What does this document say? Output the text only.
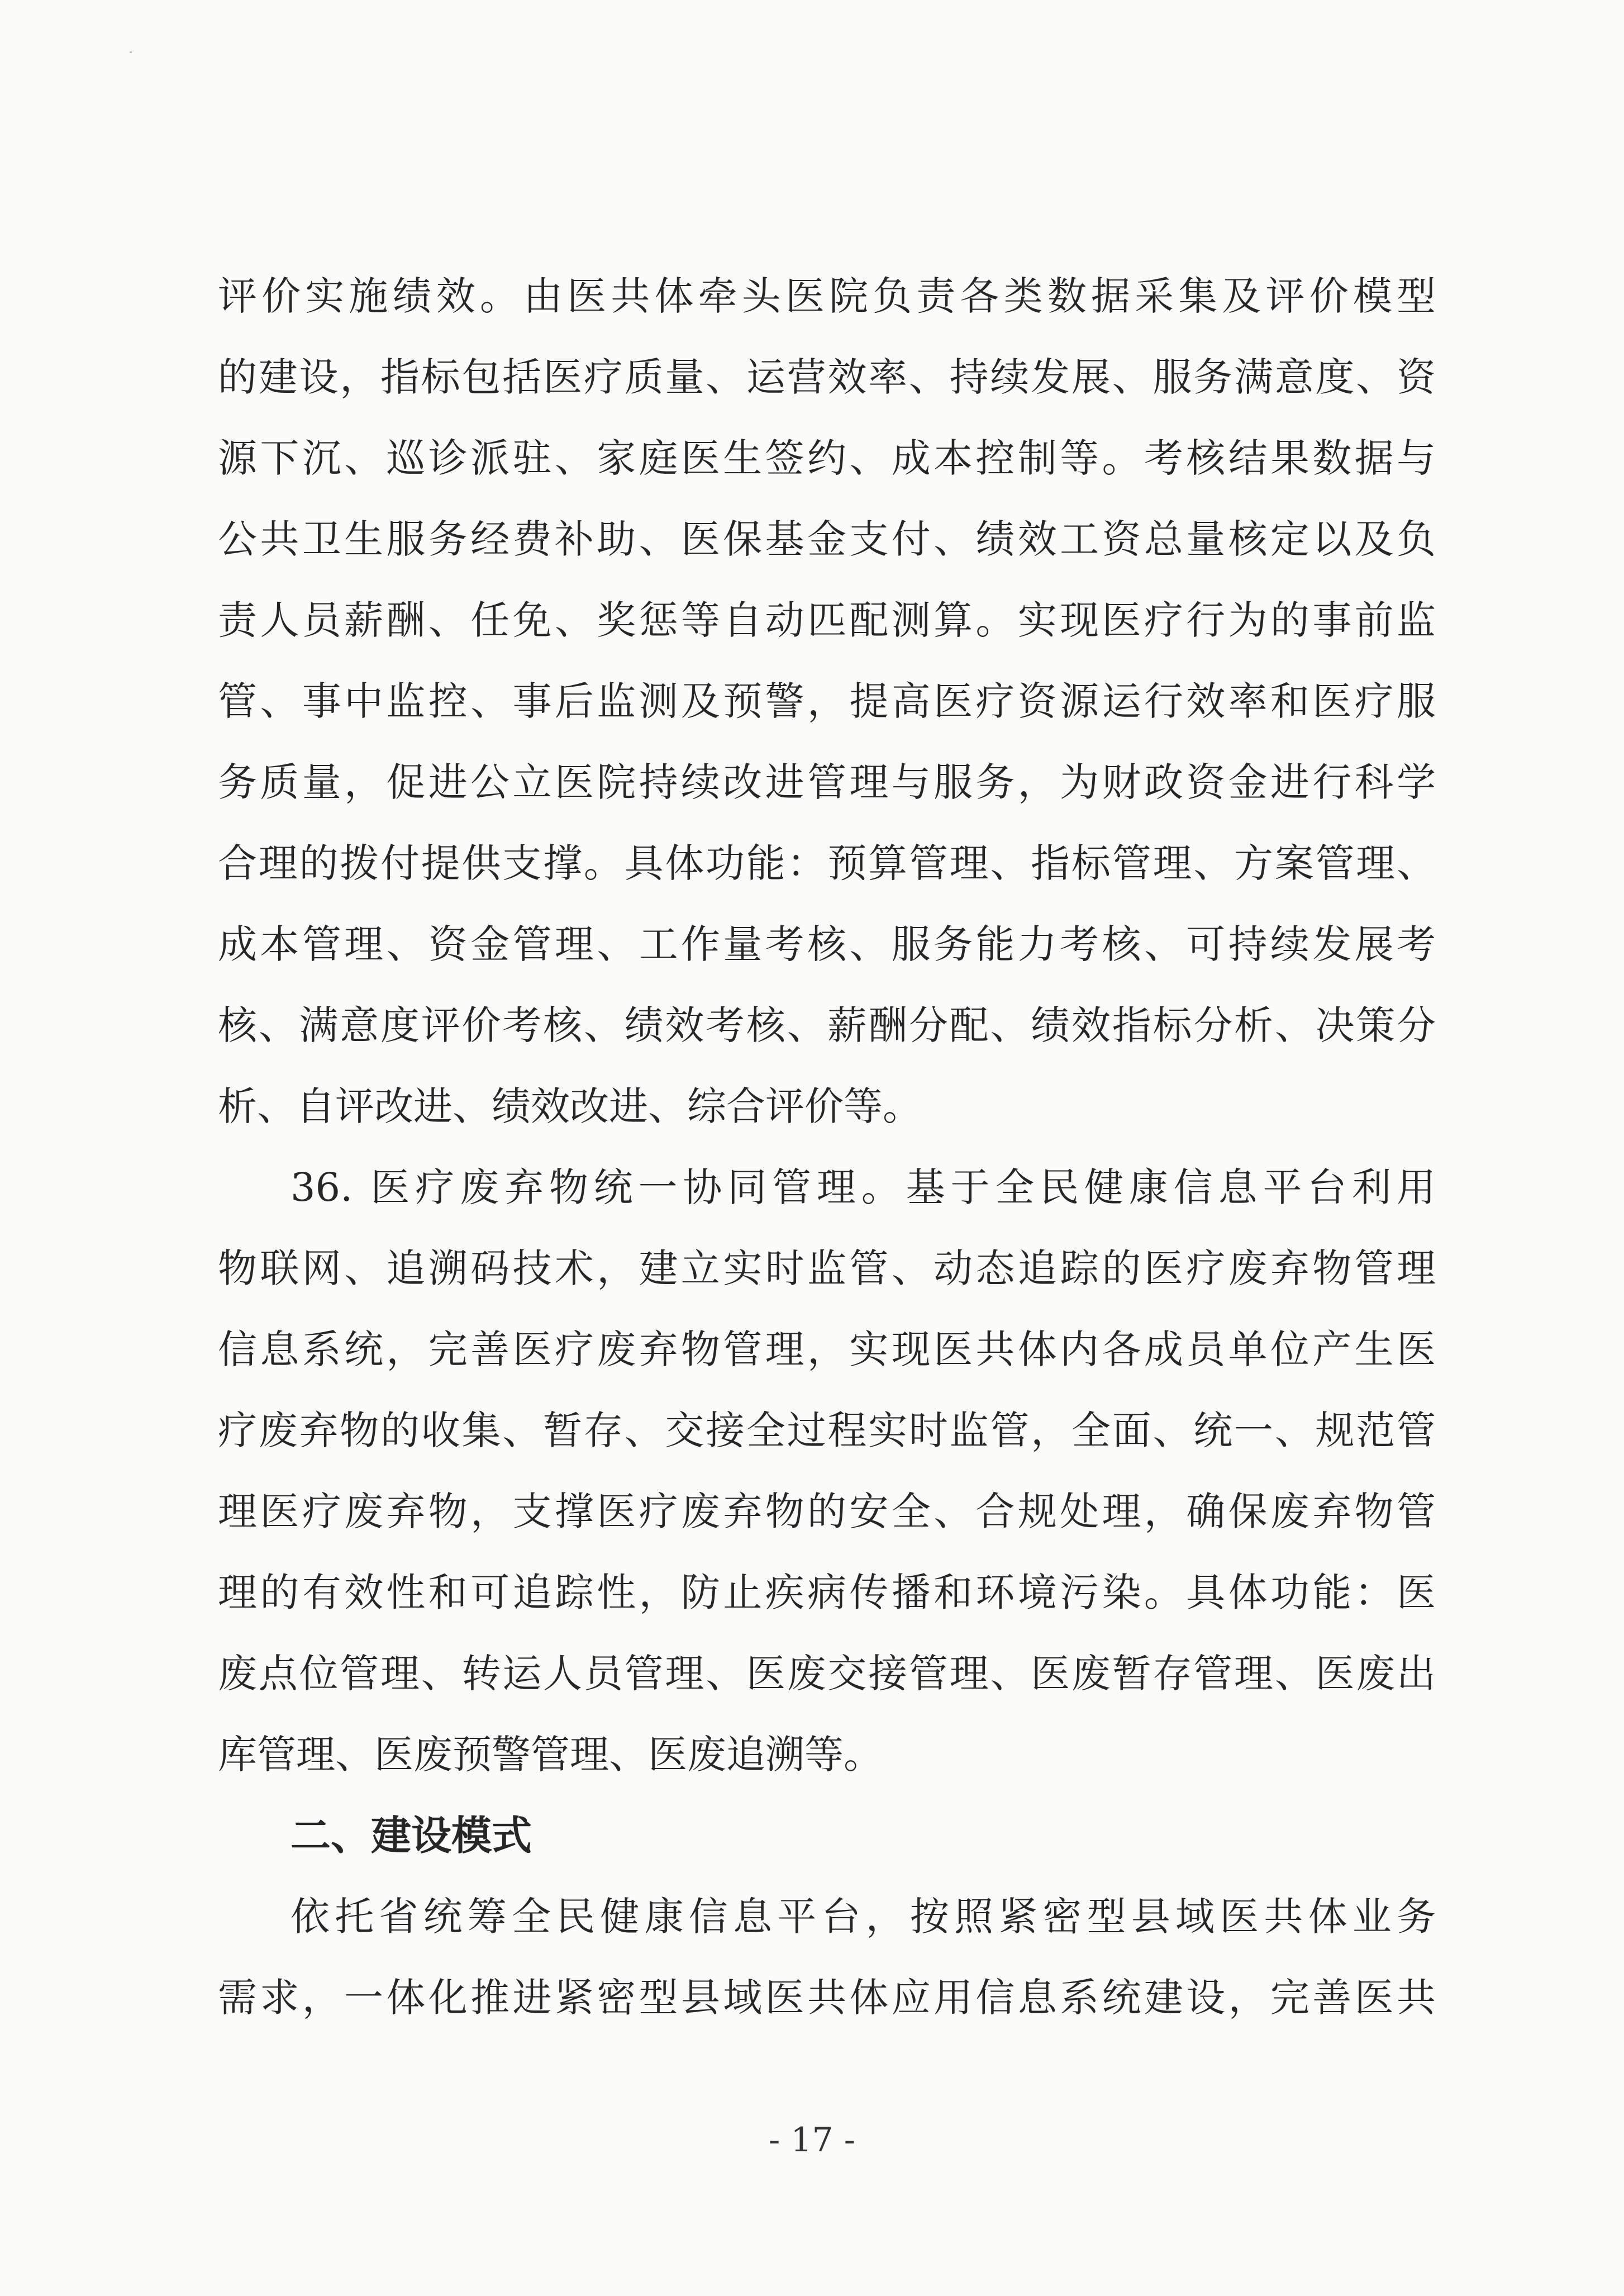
评价实施绩效。由医共体牵头医院负责各类数据采集及评价模型
的建设，指标包括医疗质量、运营效率、持续发展、服务满意度、资
源下沉、巡诊派驻、家庭医生签约、成本控制等。考核结果数据与
公共卫生服务经费补助、医保基金支付、绩效工资总量核定以及负
责人员薪酬、任免、奖惩等自动匹配测算。实现医疗行为的事前监
管、事中监控、事后监测及预警，提高医疗资源运行效率和医疗服
务质量，促进公立医院持续改进管理与服务，为财政资金进行科学
合理的拨付提供支撑。具体功能：预算管理、指标管理、方案管理、
成本管理、资金管理、工作量考核、服务能力考核、可持续发展考
核、满意度评价考核、绩效考核、薪酬分配、绩效指标分析、决策分
析、自评改进、绩效改进、综合评价等。
36. 医疗废弃物统一协同管理。基于全民健康信息平台利用
物联网、追溯码技术，建立实时监管、动态追踪的医疗废弃物管理
信息系统，完善医疗废弃物管理，实现医共体内各成员单位产生医
疗废弃物的收集、暂存、交接全过程实时监管，全面、统一、规范管
理医疗废弃物，支撑医疗废弃物的安全、合规处理，确保废弃物管
理的有效性和可追踪性，防止疾病传播和环境污染。具体功能：医
废点位管理、转运人员管理、医废交接管理、医废暂存管理、医废出
库管理、医废预警管理、医废追溯等。
二、建设模式
依托省统筹全民健康信息平台，按照紧密型县域医共体业务
需求，一体化推进紧密型县域医共体应用信息系统建设，完善医共
- 17 -
